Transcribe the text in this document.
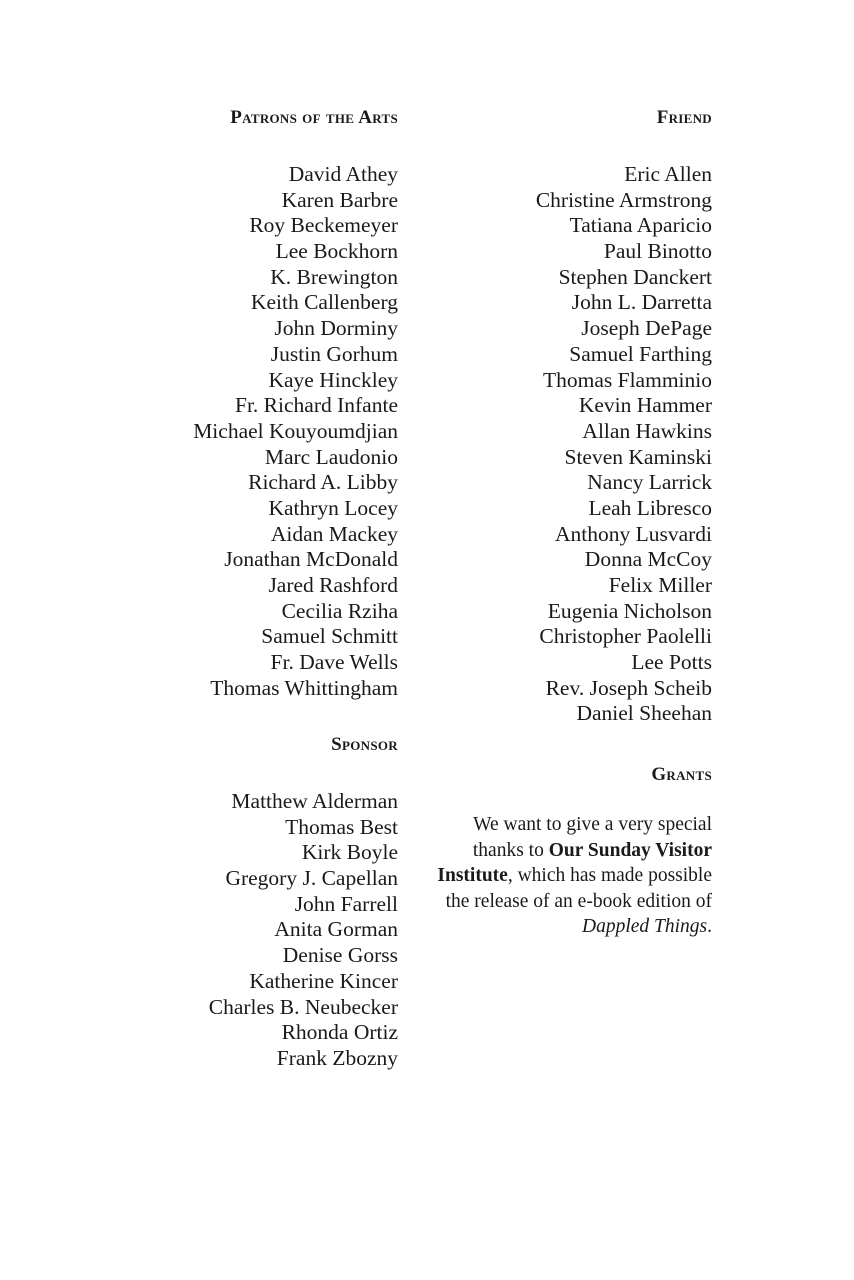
Patrons of the Arts
David Athey
Karen Barbre
Roy Beckemeyer
Lee Bockhorn
K. Brewington
Keith Callenberg
John Dorminy
Justin Gorhum
Kaye Hinckley
Fr. Richard Infante
Michael Kouyoumdjian
Marc Laudonio
Richard A. Libby
Kathryn Locey
Aidan Mackey
Jonathan McDonald
Jared Rashford
Cecilia Rziha
Samuel Schmitt
Fr. Dave Wells
Thomas Whittingham
Sponsor
Matthew Alderman
Thomas Best
Kirk Boyle
Gregory J. Capellan
John Farrell
Anita Gorman
Denise Gorss
Katherine Kincer
Charles B. Neubecker
Rhonda Ortiz
Frank Zbozny
Friend
Eric Allen
Christine Armstrong
Tatiana Aparicio
Paul Binotto
Stephen Danckert
John L. Darretta
Joseph DePage
Samuel Farthing
Thomas Flamminio
Kevin Hammer
Allan Hawkins
Steven Kaminski
Nancy Larrick
Leah Libresco
Anthony Lusvardi
Donna McCoy
Felix Miller
Eugenia Nicholson
Christopher Paolelli
Lee Potts
Rev. Joseph Scheib
Daniel Sheehan
Grants

We want to give a very special thanks to Our Sunday Visitor Institute, which has made possible the release of an e-book edition of Dappled Things.
